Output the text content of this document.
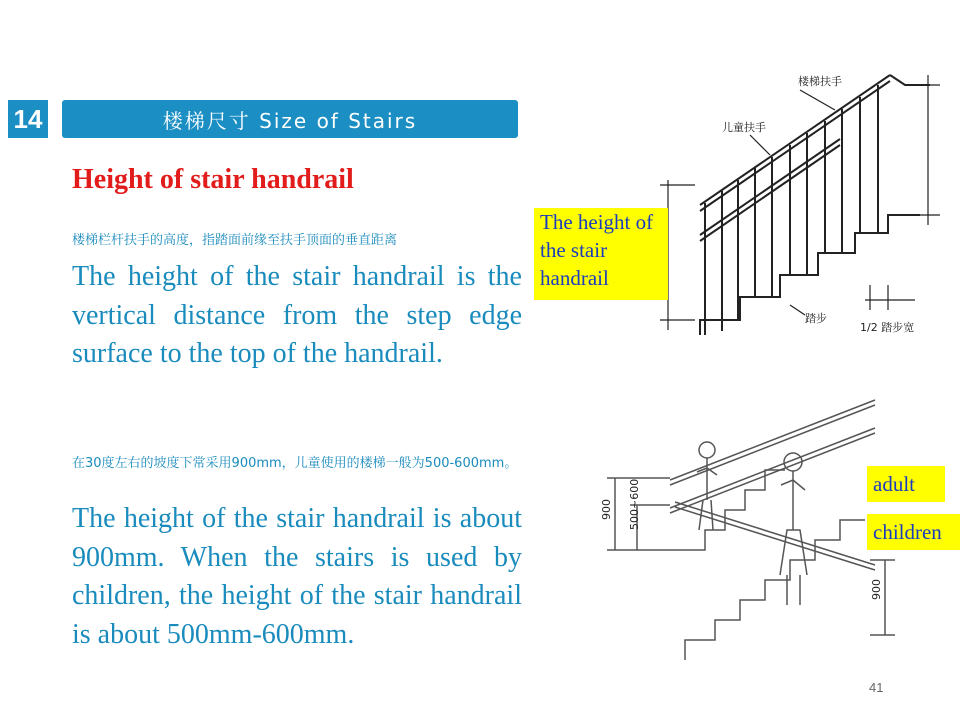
14	楼梯尺寸 Size of Stairs
Height of stair handrail
楼梯栏杆扶手的高度，指踏面前缘至扶手顶面的垂直距离
The height of the stair handrail is the vertical distance from the step edge surface to the top of the handrail.
在30度左右的坡度下常采用900mm，儿童使用的楼梯一般为500-600mm。
The height of the stair handrail is about 900mm. When the stairs is used by children, the height of the stair handrail is about 500mm-600mm.
楼梯扶手
儿童扶手
踏步
1/2 踏步宽
The height of the stair handrail
900 500~600
900
adult
children
41
